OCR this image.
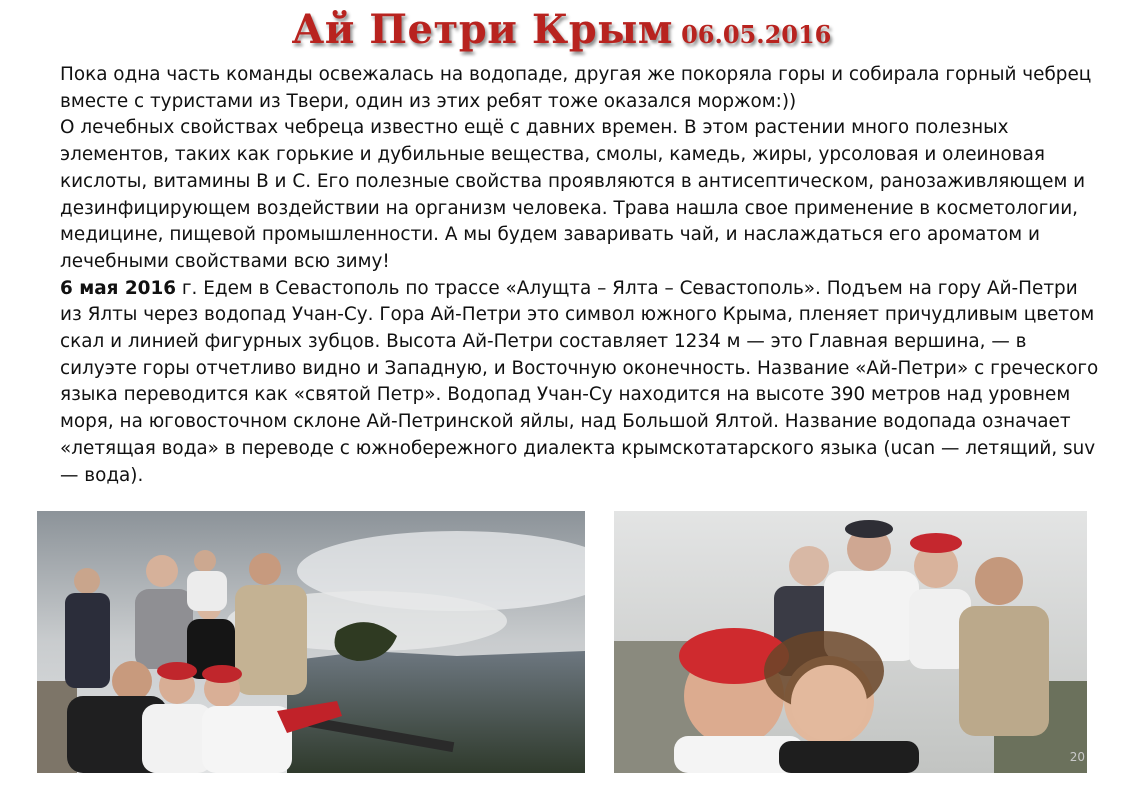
Ай Петри Крым 06.05.2016

Пока одна часть команды освежалась на водопаде, другая же покоряла горы и собирала горный чебрец вместе с туристами из Твери, один из этих ребят тоже оказался моржом:))

О лечебных свойствах чебреца известно ещё с давних времен. В этом растении много полезных элементов, таких как горькие и дубильные вещества, смолы, камедь, жиры, урсоловая и олеиновая кислоты, витамины В и С. Его полезные свойства проявляются в антисептическом, ранозаживляющем и дезинфицирующем воздействии на организм человека. Трава нашла свое применение в косметологии, медицине, пищевой промышленности. А мы будем заваривать чай, и наслаждаться его ароматом и лечебными свойствами всю зиму!

6 мая 2016 г. Едем в Севастополь по трассе «Алущта – Ялта – Севастополь». Подъем на гору Ай-Петри из Ялты через водопад Учан-Су. Гора Ай-Петри это символ южного Крыма, пленяет причудливым цветом скал и линией фигурных зубцов. Высота Ай-Петри составляет 1234 м — это Главная вершина, — в силуэте горы отчетливо видно и Западную, и Восточную оконечность. Название «Ай-Петри» с греческого языка переводится как «святой Петр». Водопад Учан-Су находится на высоте 390 метров над уровнем моря, на юговосточном склоне Ай-Петринской яйлы, над Большой Ялтой. Название водопада означает «летящая вода» в переводе с южнобережного диалекта крымскотатарского языка (ucan — летящий, suv — вода).

20
